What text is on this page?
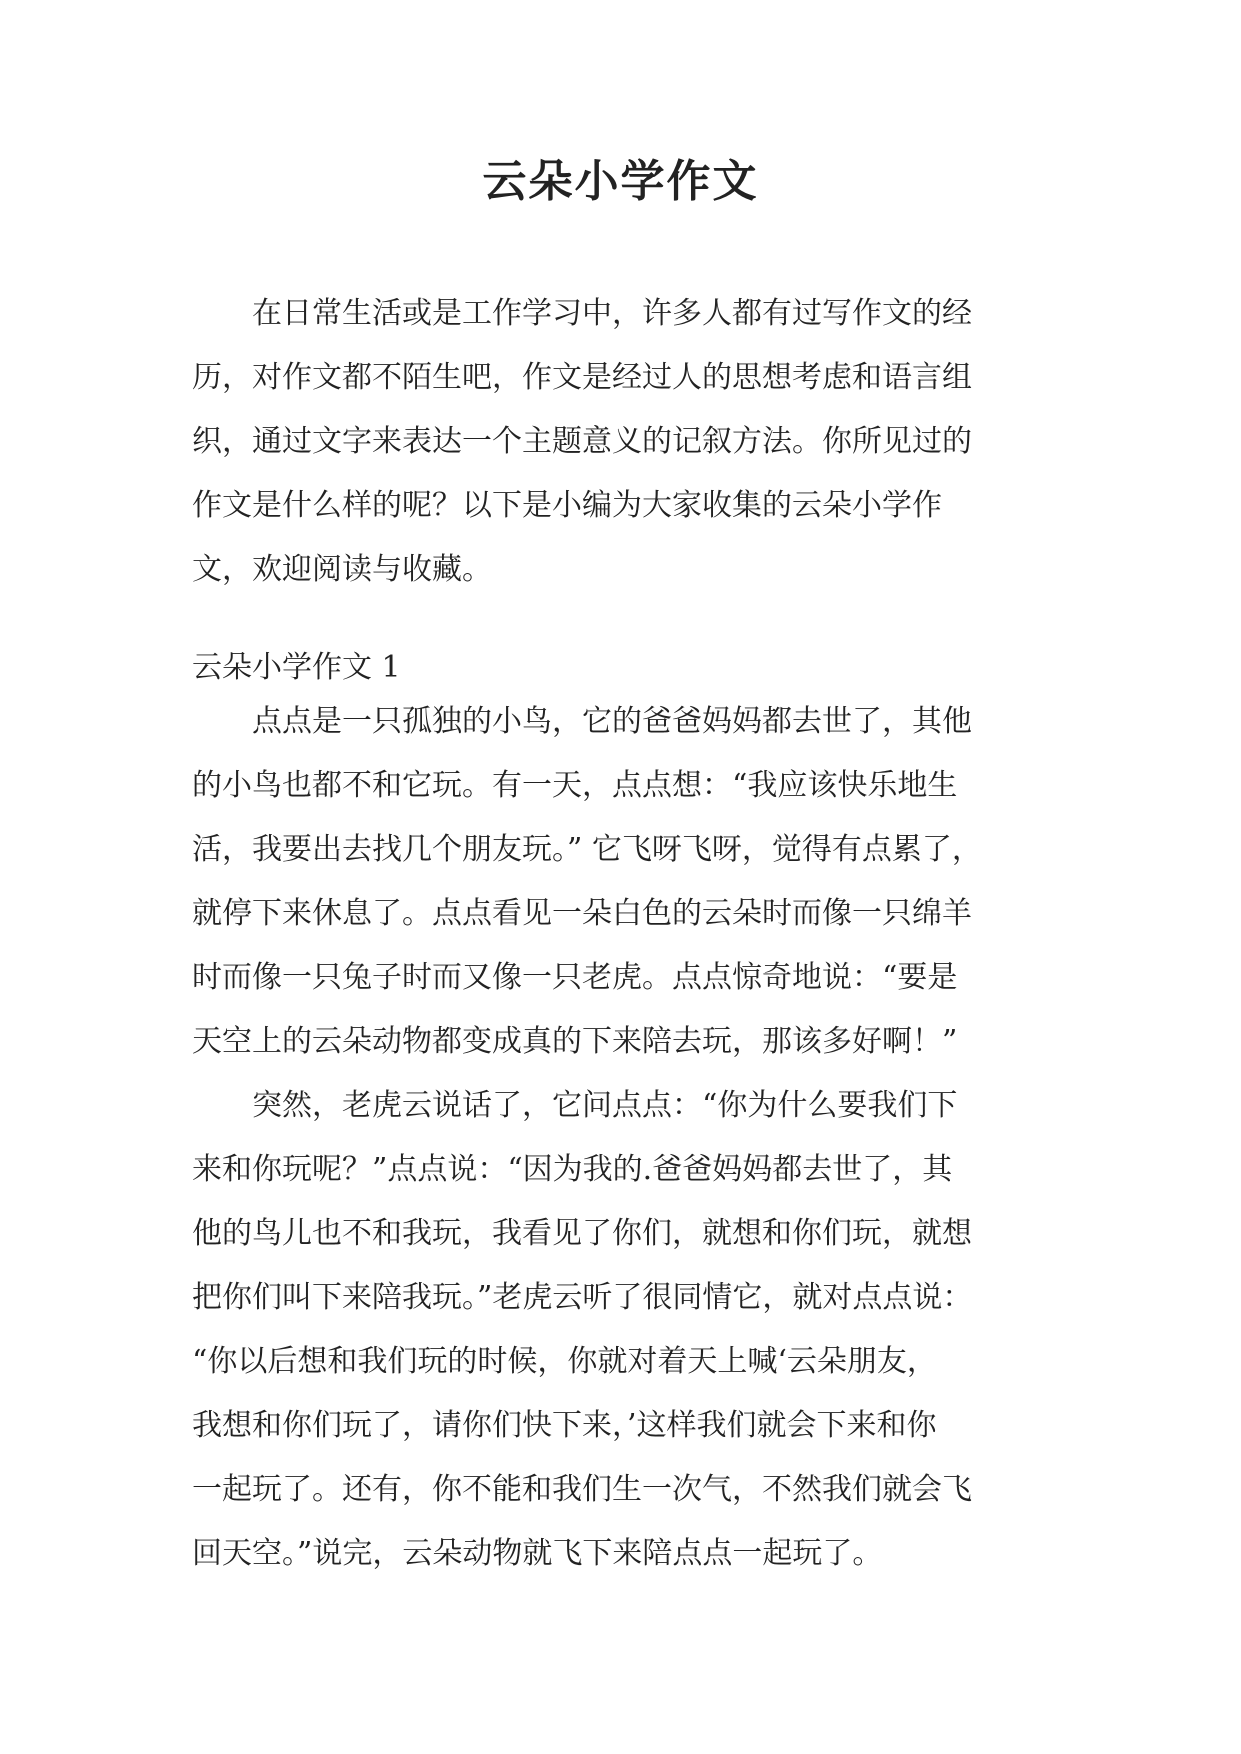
云朵小学作文
　　在日常生活或是工作学习中，许多人都有过写作文的经
历，对作文都不陌生吧，作文是经过人的思想考虑和语言组
织，通过文字来表达一个主题意义的记叙方法。你所见过的
作文是什么样的呢？以下是小编为大家收集的云朵小学作
文，欢迎阅读与收藏。
云朵小学作文 1
　　点点是一只孤独的小鸟，它的爸爸妈妈都去世了，其他
的小鸟也都不和它玩。有一天，点点想：“我应该快乐地生
活，我要出去找几个朋友玩。” 它飞呀飞呀，觉得有点累了，
就停下来休息了。点点看见一朵白色的云朵时而像一只绵羊
时而像一只兔子时而又像一只老虎。点点惊奇地说：“要是
天空上的云朵动物都变成真的下来陪去玩，那该多好啊！”
　　突然，老虎云说话了，它问点点：“你为什么要我们下
来和你玩呢？”点点说：“因为我的.爸爸妈妈都去世了，其
他的鸟儿也不和我玩，我看见了你们，就想和你们玩，就想
把你们叫下来陪我玩。”老虎云听了很同情它，就对点点说：
“你以后想和我们玩的时候，你就对着天上喊‘云朵朋友，
我想和你们玩了，请你们快下来，’这样我们就会下来和你
一起玩了。还有，你不能和我们生一次气，不然我们就会飞
回天空。”说完，云朵动物就飞下来陪点点一起玩了。
